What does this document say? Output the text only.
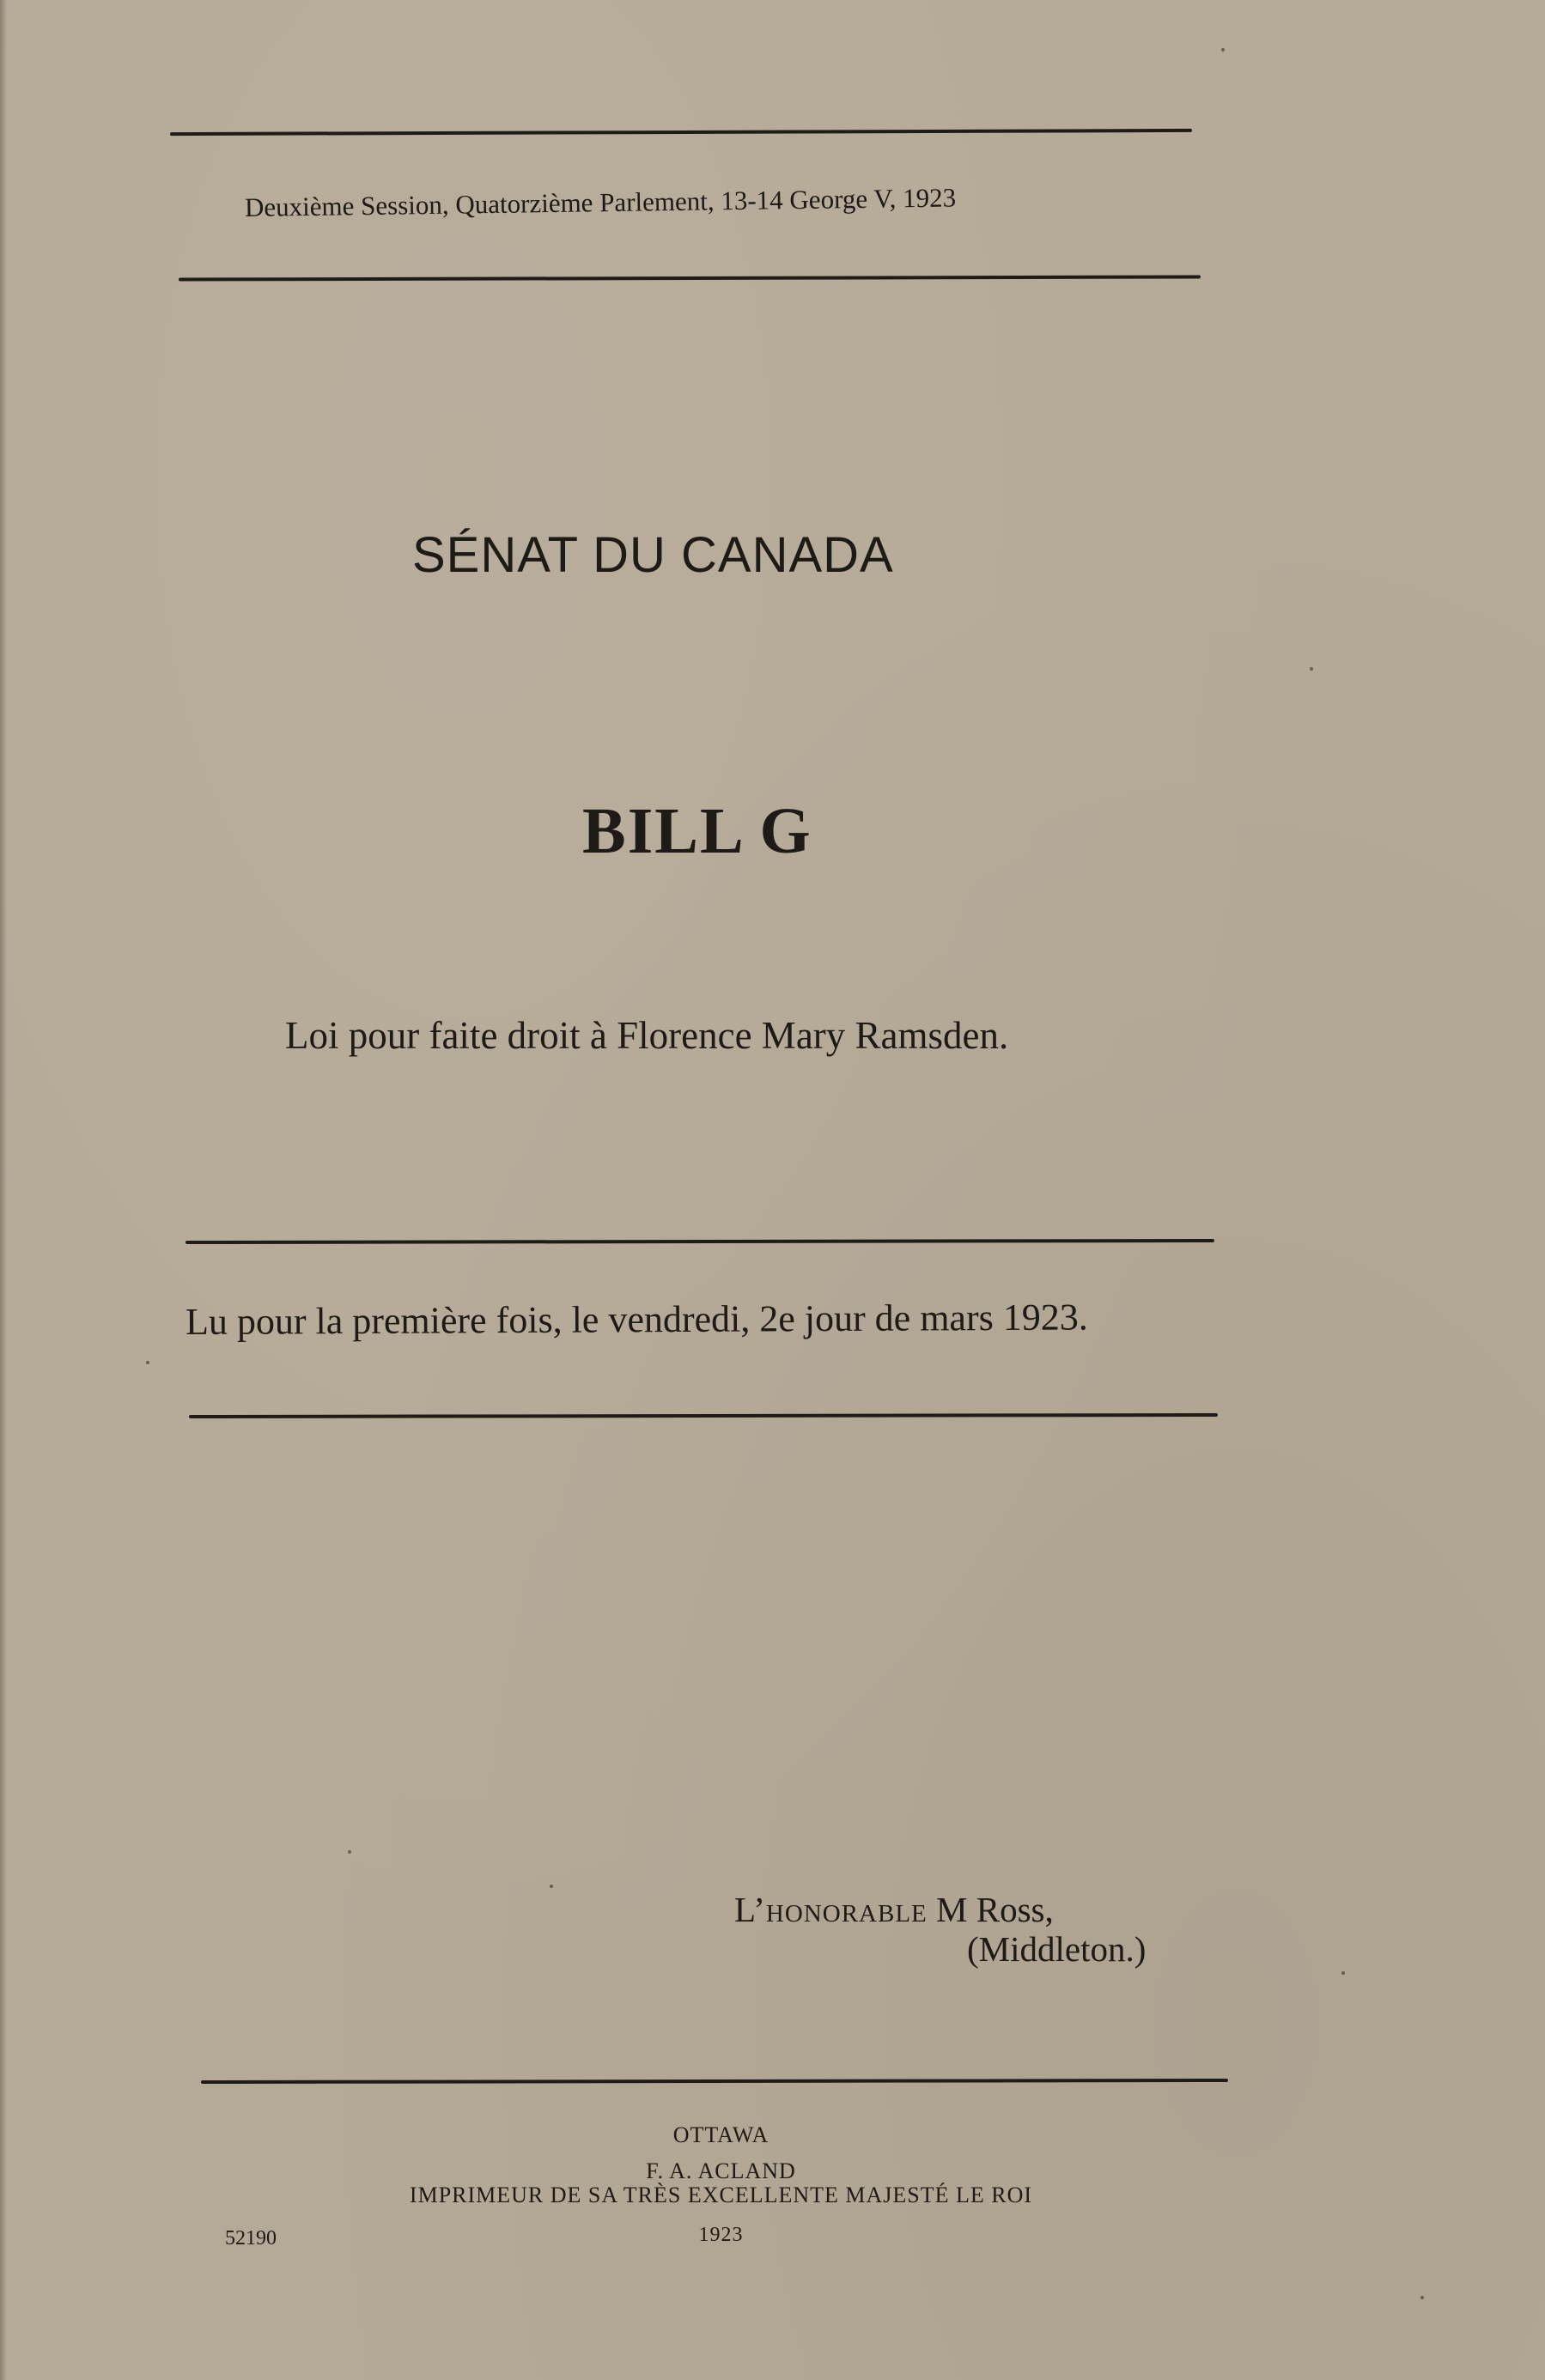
Deuxième Session, Quatorzième Parlement, 13-14 George V, 1923
SÉNAT DU CANADA
BILL G
Loi pour faite droit à Florence Mary Ramsden.
Lu pour la première fois, le vendredi, 2e jour de mars 1923.
L’honorable M Ross,
(Middleton.)
OTTAWA
F. A. ACLAND
IMPRIMEUR DE SA TRÈS EXCELLENTE MAJESTÉ LE ROI
1923
52190
